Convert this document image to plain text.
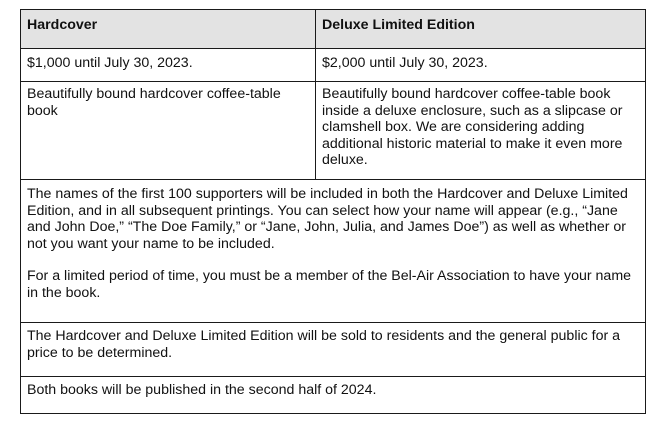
Hardcover	Deluxe Limited Edition
$1,000 until July 30, 2023.	$2,000 until July 30, 2023.
Beautifully bound hardcover coffee-table book	Beautifully bound hardcover coffee-table book inside a deluxe enclosure, such as a slipcase or clamshell box. We are considering adding additional historic material to make it even more deluxe.

The names of the first 100 supporters will be included in both the Hardcover and Deluxe Limited Edition, and in all subsequent printings. You can select how your name will appear (e.g., “Jane and John Doe,” “The Doe Family,” or “Jane, John, Julia, and James Doe”) as well as whether or not you want your name to be included.

For a limited period of time, you must be a member of the Bel-Air Association to have your name in the book.	

The Hardcover and Deluxe Limited Edition will be sold to residents and the general public for a price to be determined.	
Both books will be published in the second half of 2024.	
